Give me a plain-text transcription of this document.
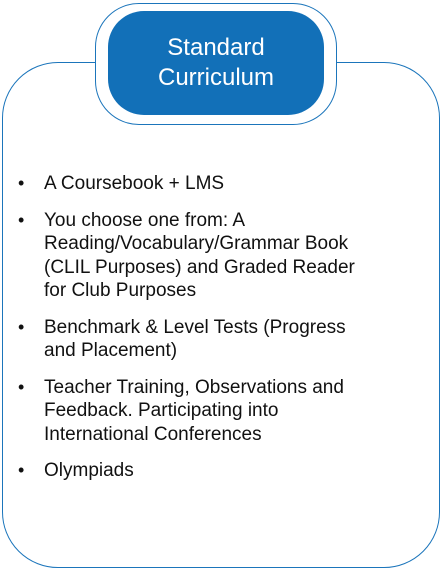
Standard
Curriculum
•	A Coursebook + LMS
•	You choose one from: A
Reading/Vocabulary/Grammar Book
(CLIL Purposes) and Graded Reader
for Club Purposes
•	Benchmark & Level Tests (Progress
and Placement)
•	Teacher Training, Observations and
Feedback. Participating into
International Conferences
•	Olympiads
